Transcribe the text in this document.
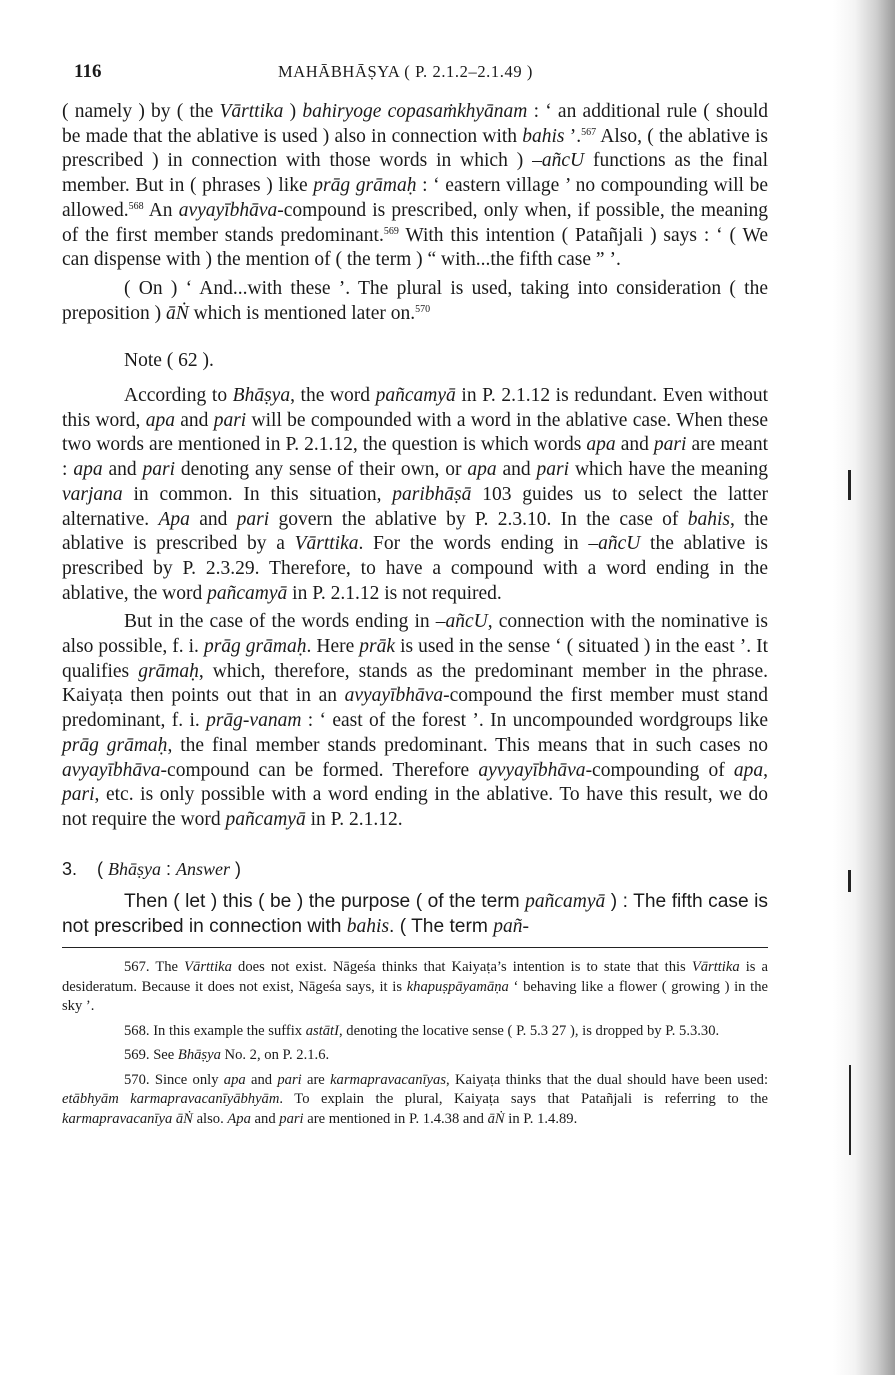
116	MAHĀBHĀṢYA ( P. 2.1.2–2.1.49 )

( namely ) by ( the Vārttika ) bahiryoge copasaṁkhyānam : ‘ an additional rule ( should be made that the ablative is used ) also in connection with bahis ’.$^{567}$ Also, ( the ablative is prescribed ) in connection with those words in which ) –añcU functions as the final member. But in ( phrases ) like prāg grāmaḥ : ‘ eastern village ’ no compounding will be allowed.$^{568}$ An avyayībhāva-compound is prescribed, only when, if possible, the meaning of the first member stands predominant.$^{569}$ With this intention ( Patañjali ) says : ‘ ( We can dispense with ) the mention of ( the term ) “ with...the fifth case ” ’.

( On ) ‘ And...with these ’. The plural is used, taking into consideration ( the preposition ) āṄ which is mentioned later on.$^{570}$

Note ( 62 ).

According to Bhāṣya, the word pañcamyā in P. 2.1.12 is redundant. Even without this word, apa and pari will be compounded with a word in the ablative case. When these two words are mentioned in P. 2.1.12, the question is which words apa and pari are meant : apa and pari denoting any sense of their own, or apa and pari which have the meaning varjana in common. In this situation, paribhāṣā 103 guides us to select the latter alternative. Apa and pari govern the ablative by P. 2.3.10. In the case of bahis, the ablative is prescribed by a Vārttika. For the words ending in –añcU the ablative is prescribed by P. 2.3.29. Therefore, to have a compound with a word ending in the ablative, the word pañcamyā in P. 2.1.12 is not required.

But in the case of the words ending in –añcU, connection with the nominative is also possible, f. i. prāg grāmaḥ. Here prāk is used in the sense ‘ ( situated ) in the east ’. It qualifies grāmaḥ, which, therefore, stands as the predominant member in the phrase. Kaiyaṭa then points out that in an avyayībhāva-compound the first member must stand predominant, f. i. prāg-vanam : ‘ east of the forest ’. In uncompounded wordgroups like prāg grāmaḥ, the final member stands predominant. This means that in such cases no avyayībhāva-compound can be formed. Therefore ayvyayībhāva-compounding of apa, pari, etc. is only possible with a word ending in the ablative. To have this result, we do not require the word pañcamyā in P. 2.1.12.

3. ( Bhāṣya : Answer )

Then ( let ) this ( be ) the purpose ( of the term pañcamyā ) : The fifth case is not prescribed in connection with bahis. ( The term pañ-

567. The Vārttika does not exist. Nāgeśa thinks that Kaiyaṭa’s intention is to state that this Vārttika is a desideratum. Because it does not exist, Nāgeśa says, it is khapuṣpāyamāṇa ‘ behaving like a flower ( growing ) in the sky ’.

568. In this example the suffix astātI, denoting the locative sense ( P. 5.3 27 ), is dropped by P. 5.3.30.

569. See Bhāṣya No. 2, on P. 2.1.6.

570. Since only apa and pari are karmapravacanīyas, Kaiyaṭa thinks that the dual should have been used: etābhyām karmapravacanīyābhyām. To explain the plural, Kaiyaṭa says that Patañjali is referring to the karmapravacanīya āṄ also. Apa and pari are mentioned in P. 1.4.38 and āṄ in P. 1.4.89.
